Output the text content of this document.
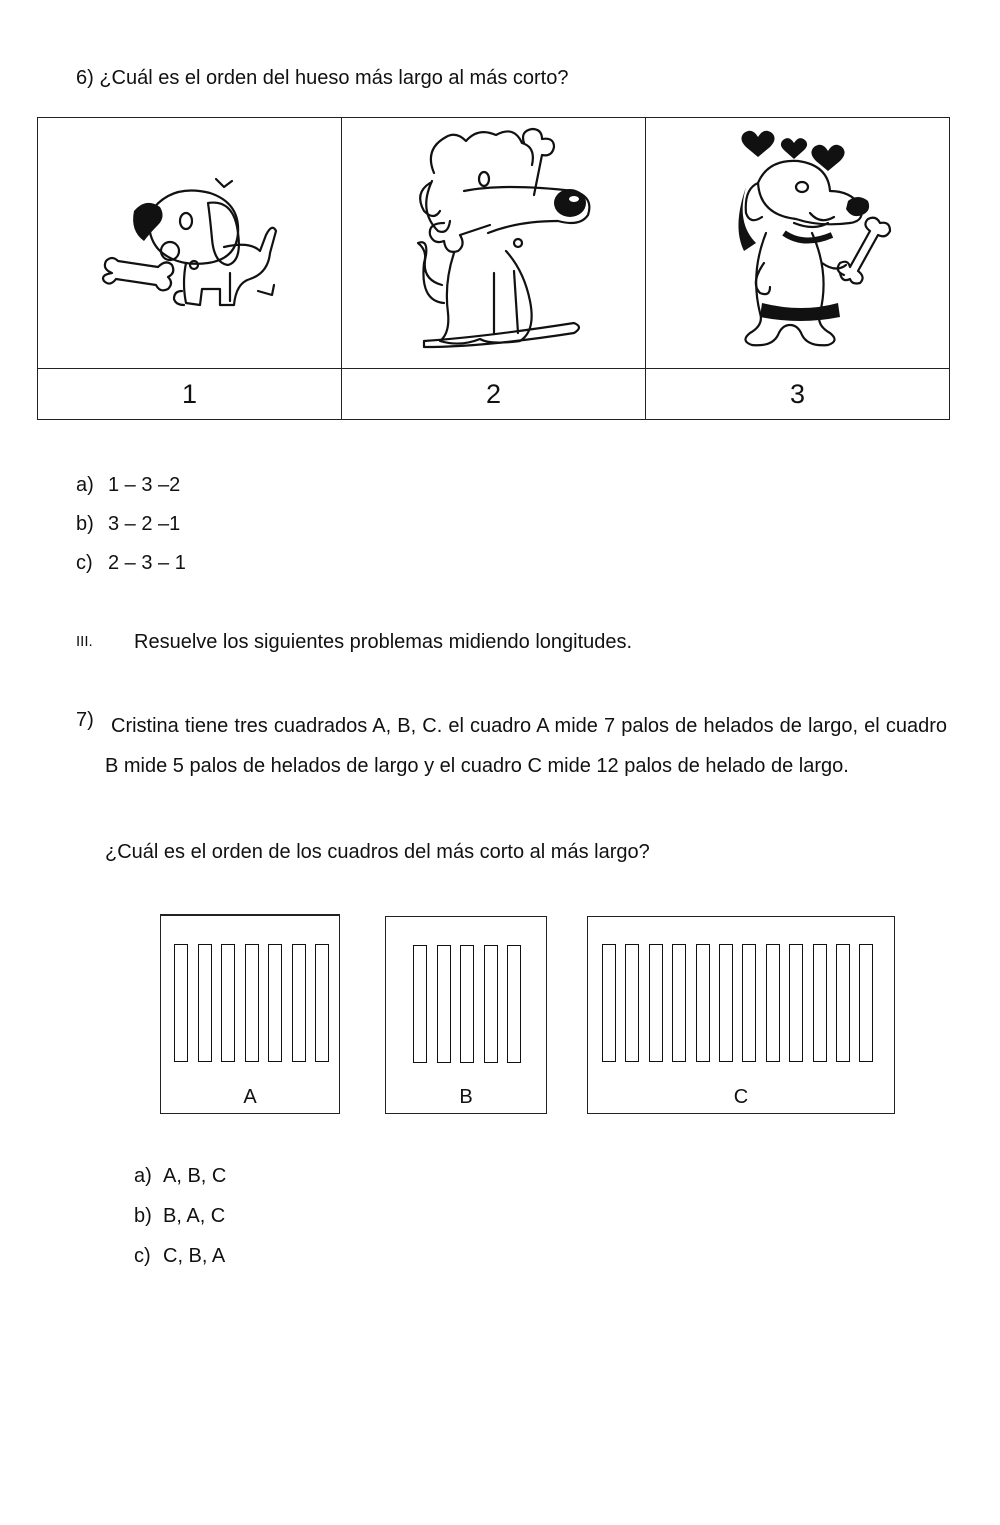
6) ¿Cuál es el orden del hueso más largo al más corto?

1	2	3
a) 1 – 3 –2
b) 3 – 2 –1
c) 2 – 3 – 1
III. Resuelve los siguientes problemas midiendo longitudes.
7) Cristina tiene tres cuadrados A, B, C. el cuadro A mide 7 palos de helados de largo, el cuadro B mide 5 palos de helados de largo y el cuadro C mide 12 palos de helado de largo.
¿Cuál es el orden de los cuadros del más corto al más largo?
A	B	C
a) A, B, C
b) B, A, C
c) C, B, A
